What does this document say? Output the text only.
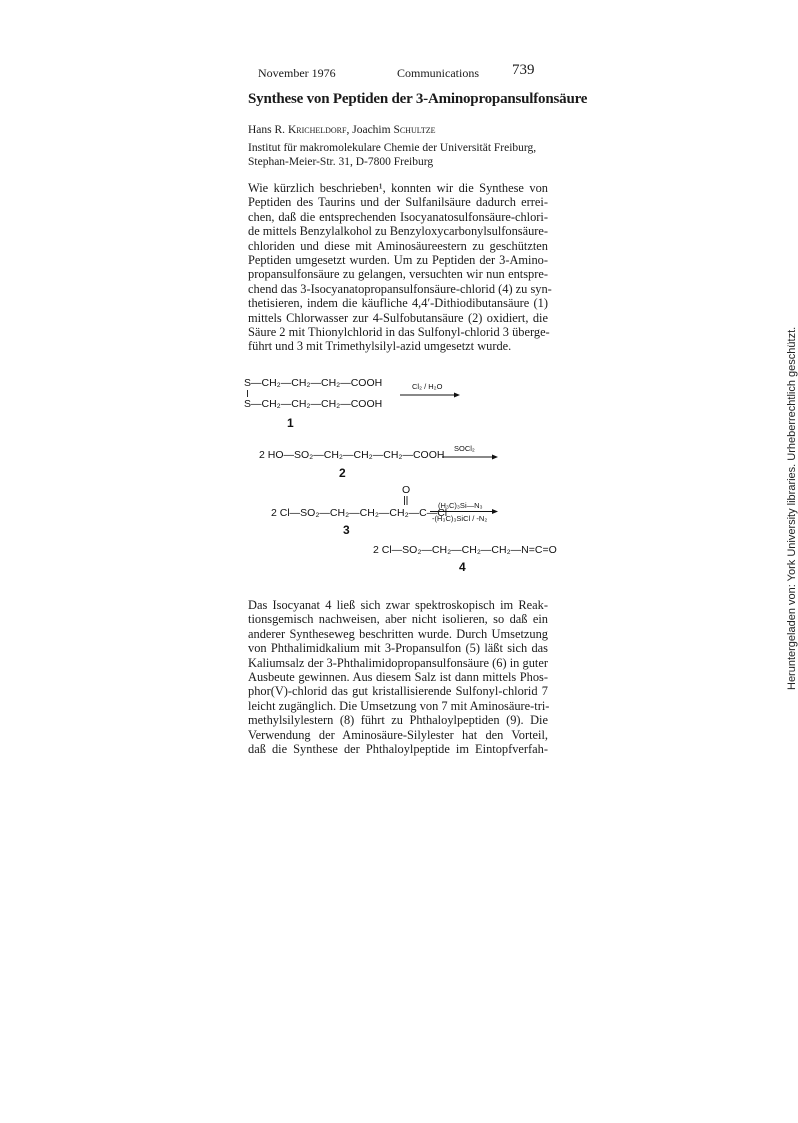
November 1976	Communications 739
Synthese von Peptiden der 3-Aminopropansulfonsäure
Hans R. Kricheldorf, Joachim Schultze
Institut für makromolekulare Chemie der Universität Freiburg,
Stephan-Meier-Str. 31, D-7800 Freiburg
Wie kürzlich beschrieben¹, konnten wir die Synthese von
Peptiden des Taurins und der Sulfanilsäure dadurch errei-
chen, daß die entsprechenden Isocyanatosulfonsäure-chlori-
de mittels Benzylalkohol zu Benzyloxycarbonylsulfonsäure-
chloriden und diese mit Aminosäureestern zu geschützten
Peptiden umgesetzt wurden. Um zu Peptiden der 3-Amino-
propansulfonsäure zu gelangen, versuchten wir nun entspre-
chend das 3-Isocyanatopropansulfonsäure-chlorid (4) zu syn-
thetisieren, indem die käufliche 4,4′-Dithiodibutansäure (1)
mittels Chlorwasser zur 4-Sulfobutansäure (2) oxidiert, die
Säure 2 mit Thionylchlorid in das Sulfonyl-chlorid 3 überge-
führt und 3 mit Trimethylsilyl-azid umgesetzt wurde.
S—CH₂—CH₂—CH₂—COOH
S—CH₂—CH₂—CH₂—COOH
1
Cl₂ / H₂O
2 HO—SO₂—CH₂—CH₂—CH₂—COOH
2
SOCl₂
O
2 Cl—SO₂—CH₂—CH₂—CH₂—C—Cl
3
(H₃C)₃Si—N₃
-(H₃C)₃SiCl / -N₂
2 Cl—SO₂—CH₂—CH₂—CH₂—N=C=O
4
Das Isocyanat 4 ließ sich zwar spektroskopisch im Reak-
tionsgemisch nachweisen, aber nicht isolieren, so daß ein
anderer Syntheseweg beschritten wurde. Durch Umsetzung
von Phthalimidkalium mit 3-Propansulfon (5) läßt sich das
Kaliumsalz der 3-Phthalimidopropansulfonsäure (6) in guter
Ausbeute gewinnen. Aus diesem Salz ist dann mittels Phos-
phor(V)-chlorid das gut kristallisierende Sulfonyl-chlorid 7
leicht zugänglich. Die Umsetzung von 7 mit Aminosäure-tri-
methylsilylestern (8) führt zu Phthaloylpeptiden (9). Die
Verwendung der Aminosäure-Silylester hat den Vorteil,
daß die Synthese der Phthaloylpeptide im Eintopfverfah-
Heruntergeladen von: York University libraries. Urheberrechtlich geschützt.
